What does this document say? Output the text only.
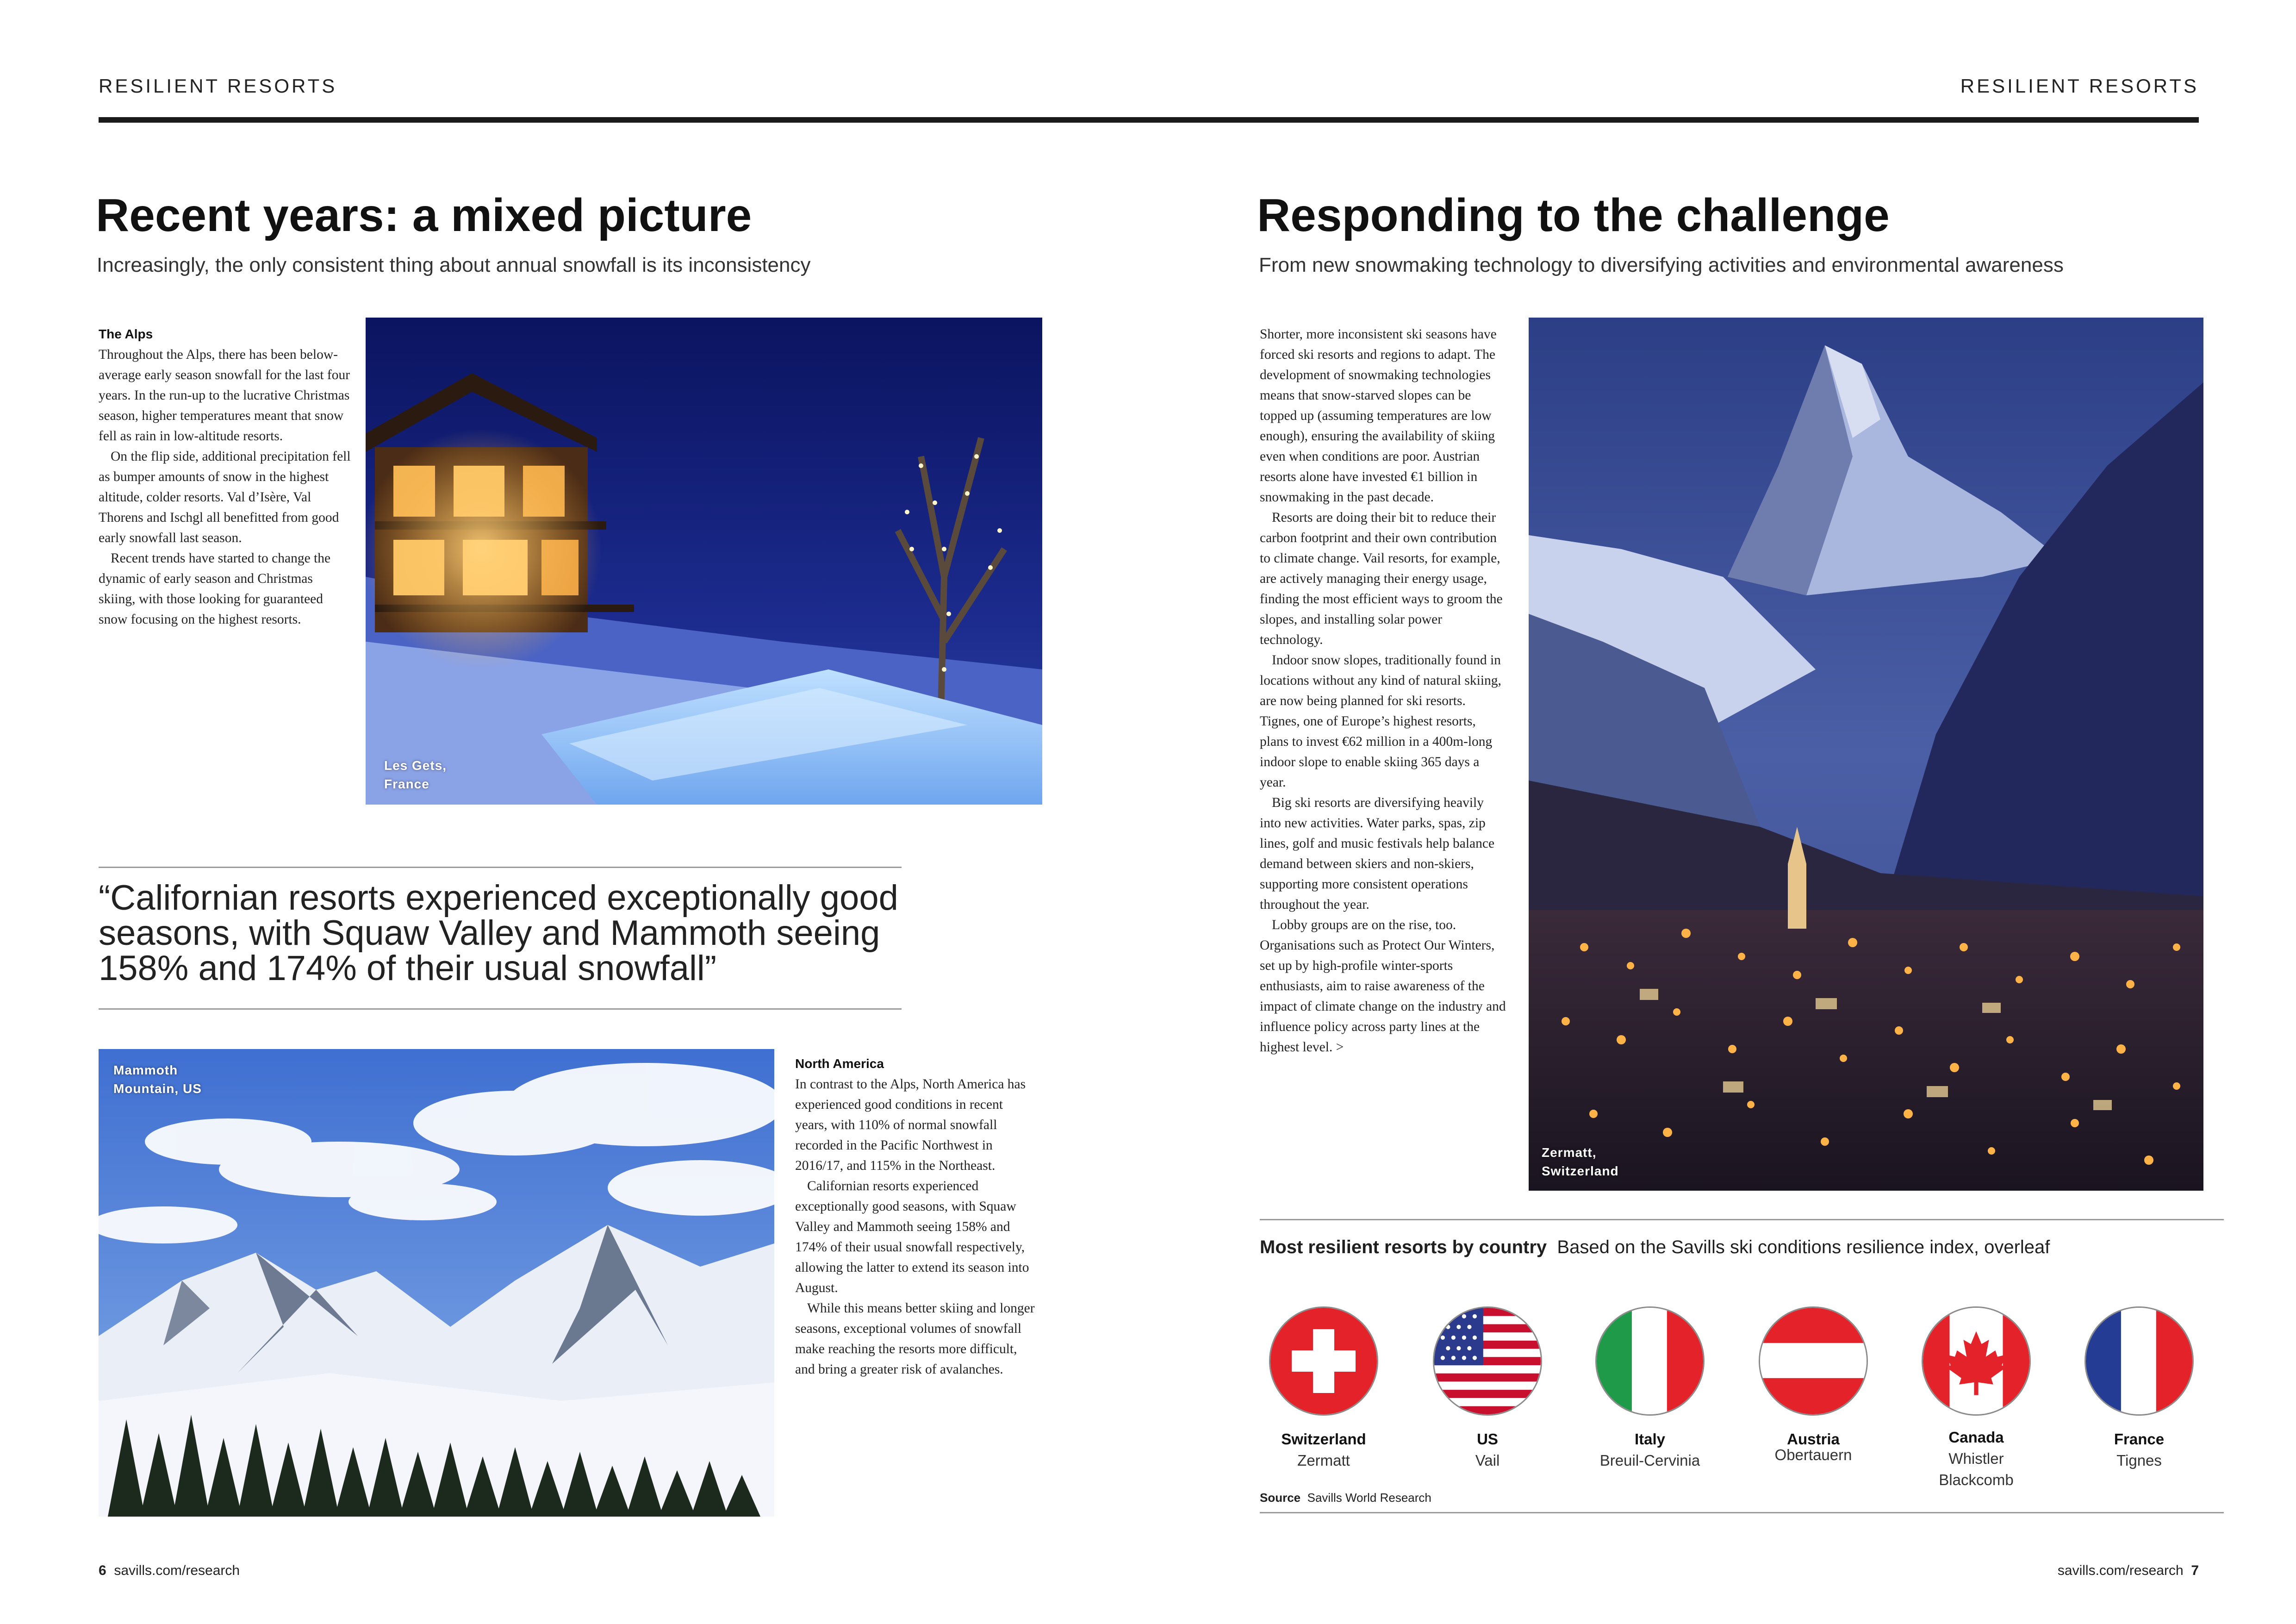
RESILIENT RESORTS	RESILIENT RESORTS
Recent years: a mixed picture
Increasingly, the only consistent thing about annual snowfall is its inconsistency
The Alps

Throughout the Alps, there has been below-average early season snowfall for the last four years. In the run-up to the lucrative Christmas season, higher temperatures meant that snow fell as rain in low-altitude resorts.

On the flip side, additional precipitation fell as bumper amounts of snow in the highest altitude, colder resorts. Val d’Isère, Val Thorens and Ischgl all benefitted from good early snowfall last season.

Recent trends have started to change the dynamic of early season and Christmas skiing, with those looking for guaranteed snow focusing on the highest resorts.

Les Gets,
France
“Californian resorts experienced exceptionally good seasons, with Squaw Valley and Mammoth seeing 158% and 174% of their usual snowfall”
Mammoth
Mountain, US
North America

In contrast to the Alps, North America has experienced good conditions in recent years, with 110% of normal snowfall recorded in the Pacific Northwest in 2016/17, and 115% in the Northeast.

Californian resorts experienced exceptionally good seasons, with Squaw Valley and Mammoth seeing 158% and 174% of their usual snowfall respectively, allowing the latter to extend its season into August.

While this means better skiing and longer seasons, exceptional volumes of snowfall make reaching the resorts more difficult, and bring a greater risk of avalanches.

6 savills.com/research
Responding to the challenge
From new snowmaking technology to diversifying activities and environmental awareness

Shorter, more inconsistent ski seasons have forced ski resorts and regions to adapt. The development of snowmaking technologies means that snow-starved slopes can be topped up (assuming temperatures are low enough), ensuring the availability of skiing even when conditions are poor. Austrian resorts alone have invested €1 billion in snowmaking in the past decade.

Resorts are doing their bit to reduce their carbon footprint and their own contribution to climate change. Vail resorts, for example, are actively managing their energy usage, finding the most efficient ways to groom the slopes, and installing solar power technology.

Indoor snow slopes, traditionally found in locations without any kind of natural skiing, are now being planned for ski resorts. Tignes, one of Europe’s highest resorts, plans to invest €62 million in a 400m-long indoor slope to enable skiing 365 days a year.

Big ski resorts are diversifying heavily into new activities. Water parks, spas, zip lines, golf and music festivals help balance demand between skiers and non-skiers, supporting more consistent operations throughout the year.

Lobby groups are on the rise, too. Organisations such as Protect Our Winters, set up by high-profile winter-sports enthusiasts, aim to raise awareness of the impact of climate change on the industry and influence policy across party lines at the highest level. >

Zermatt,
Switzerland
Most resilient resorts by country Based on the Savills ski conditions resilience index, overleaf
Switzerland
Zermatt
US
Vail
Italy
Breuil-Cervinia
Austria
Obertauern
Canada
Whistler Blackcomb
France
Tignes
Source Savills World Research
savills.com/research 7
